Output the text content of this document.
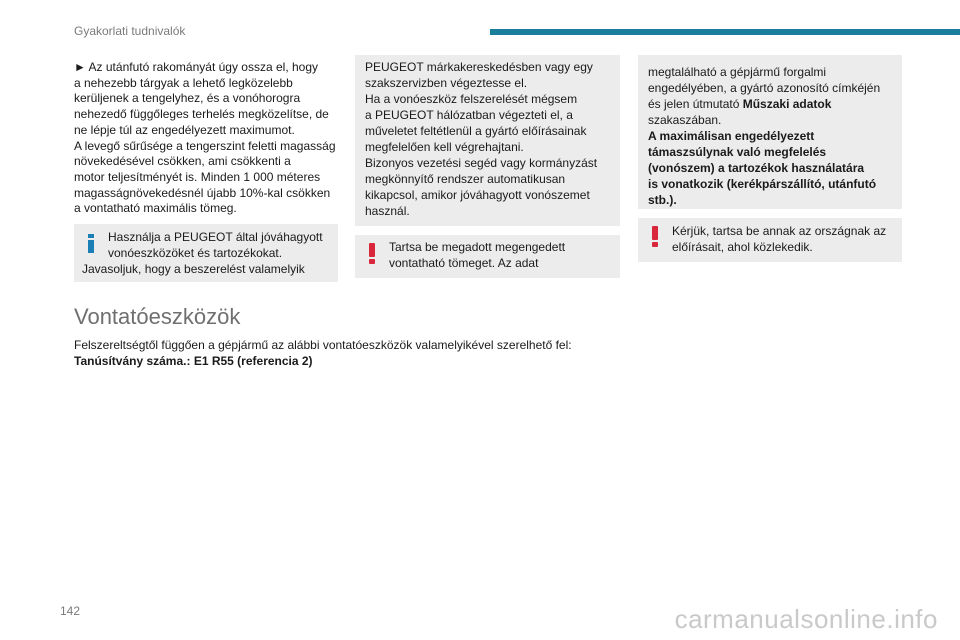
Gyakorlati tudnivalók

► Az utánfutó rakományát úgy ossza el, hogy

a nehezebb tárgyak a lehető legközelebb

kerüljenek a tengelyhez, és a vonóhorogra

nehezedő függőleges terhelés megközelítse, de

ne lépje túl az engedélyezett maximumot.

A levegő sűrűsége a tengerszint feletti magasság

növekedésével csökken, ami csökkenti a

motor teljesítményét is. Minden 1 000 méteres

magasságnövekedésnél újabb 10%-kal csökken

a vontatható maximális tömeg.

Használja a PEUGEOT által jóváhagyott
vonóeszközöket és tartozékokat.
Javasoljuk, hogy a beszerelést valamelyik
PEUGEOT márkakereskedésben vagy egy
szakszervizben végeztesse el.
Ha a vonóeszköz felszerelését mégsem
a PEUGEOT hálózatban végezteti el, a
műveletet feltétlenül a gyártó előírásainak
megfelelően kell végrehajtani.
Bizonyos vezetési segéd vagy kormányzást
megkönnyítő rendszer automatikusan
kikapcsol, amikor jóváhagyott vonószemet
használ.
Tartsa be megadott megengedett
vontatható tömeget. Az adat
megtalálható a gépjármű forgalmi
engedélyében, a gyártó azonosító címkéjén
és jelen útmutató Műszaki adatok
szakaszában.
A maximálisan engedélyezett
támaszsúlynak való megfelelés
(vonószem) a tartozékok használatára
is vonatkozik (kerékpárszállító, utánfutó
stb.).
Kérjük, tartsa be annak az országnak az
előírásait, ahol közlekedik.
Vontatóeszközök
Felszereltségtől függően a gépjármű az alábbi vontatóeszközök valamelyikével szerelhető fel:
Tanúsítvány száma.: E1 R55 (referencia 2)
142	carmanualsonline.info
